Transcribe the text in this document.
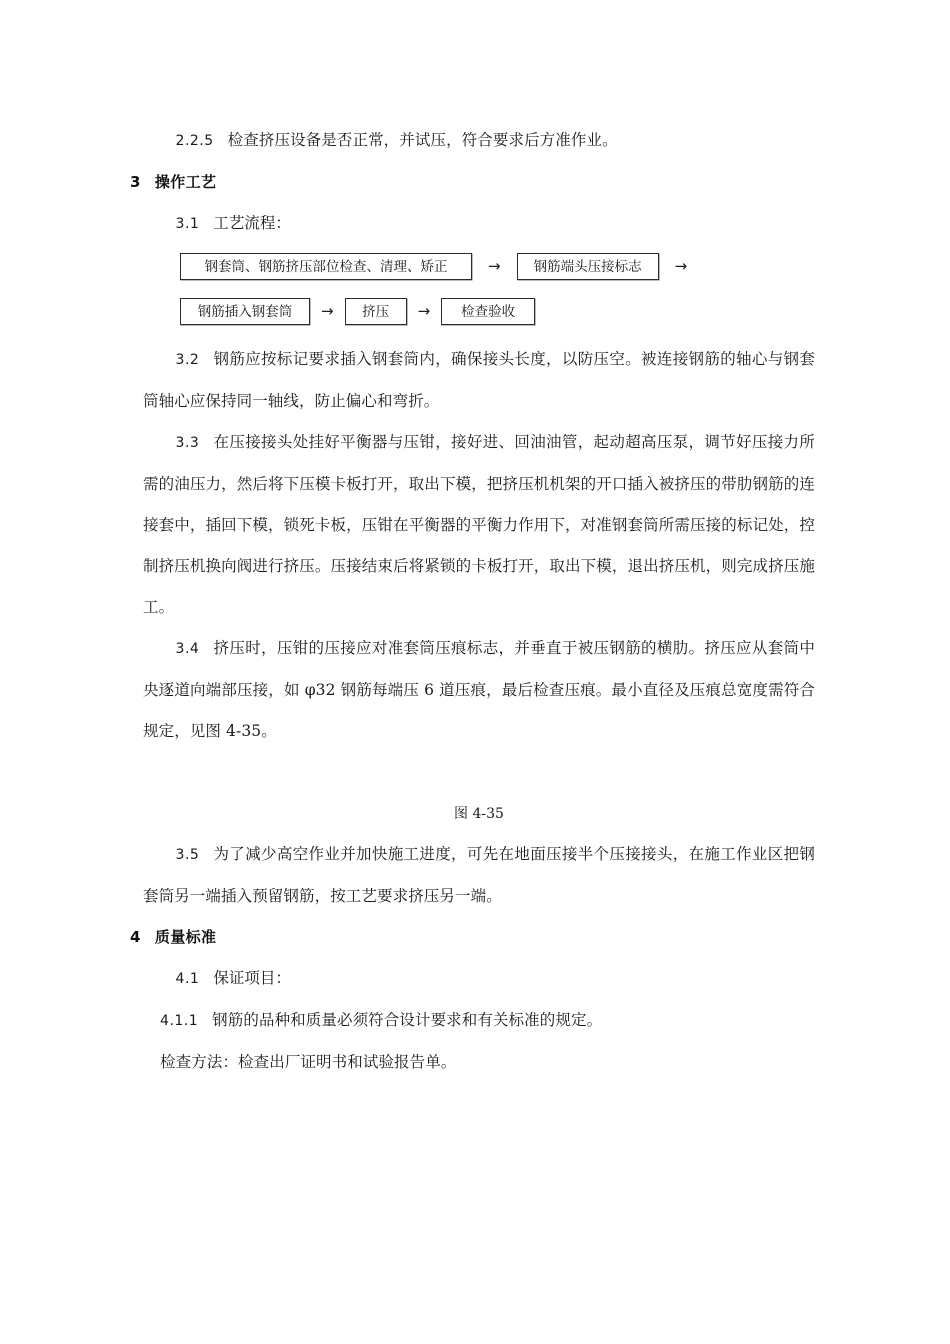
2.2.5 检查挤压设备是否正常，并试压，符合要求后方准作业。

3 操作工艺

3.1 工艺流程：

钢套筒、钢筋挤压部位检查、清理、矫正	→	钢筋端头压接标志	→
钢筋插入钢套筒	→	挤压	→	检查验收

3.2 钢筋应按标记要求插入钢套筒内，确保接头长度，以防压空。被连接钢筋的轴心与钢套筒轴心应保持同一轴线，防止偏心和弯折。

3.3 在压接接头处挂好平衡器与压钳，接好进、回油油管，起动超高压泵，调节好压接力所需的油压力，然后将下压模卡板打开，取出下模，把挤压机机架的开口插入被挤压的带肋钢筋的连接套中，插回下模，锁死卡板，压钳在平衡器的平衡力作用下，对准钢套筒所需压接的标记处，控制挤压机换向阀进行挤压。压接结束后将紧锁的卡板打开，取出下模，退出挤压机，则完成挤压施工。

3.4 挤压时，压钳的压接应对准套筒压痕标志，并垂直于被压钢筋的横肋。挤压应从套筒中央逐道向端部压接，如 φ32 钢筋每端压 6 道压痕，最后检查压痕。最小直径及压痕总宽度需符合规定，见图 4-35。

图 4-35

3.5 为了减少高空作业并加快施工进度，可先在地面压接半个压接接头，在施工作业区把钢套筒另一端插入预留钢筋，按工艺要求挤压另一端。

4 质量标准

4.1 保证项目：

4.1.1 钢筋的品种和质量必须符合设计要求和有关标准的规定。

检查方法：检查出厂证明书和试验报告单。
